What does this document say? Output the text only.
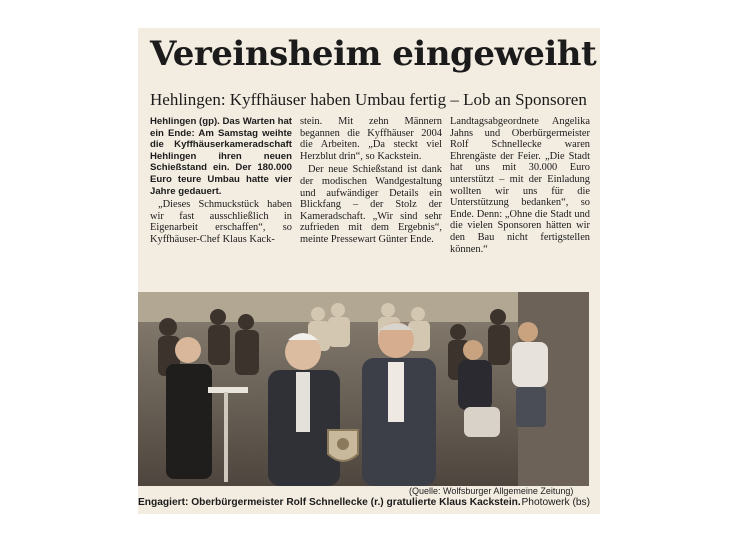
Vereinsheim eingeweiht
Hehlingen: Kyffhäuser haben Umbau fertig – Lob an Sponsoren

Hehlingen (gp). Das Warten hat ein Ende: Am Samstag weihte die Kyffhäuserkameradschaft Hehlingen ihren neuen Schießstand ein. Der 180.000 Euro teure Umbau hatte vier Jahre gedauert.

„Dieses Schmuckstück haben wir fast ausschließlich in Eigenarbeit erschaffen“, so Kyffhäuser-Chef Klaus Kack-

stein. Mit zehn Männern begannen die Kyffhäuser 2004 die Arbeiten. „Da steckt viel Herzblut drin“, so Kackstein.

Der neue Schießstand ist dank der modischen Wandgestaltung und aufwändiger Details ein Blickfang – der Stolz der Kameradschaft. „Wir sind sehr zufrieden mit dem Ergebnis“, meinte Pressewart Günter Ende.

Landtagsabgeordnete Angelika Jahns und Oberbürgermeister Rolf Schnellecke waren Ehrengäste der Feier. „Die Stadt hat uns mit 30.000 Euro unterstützt – mit der Einladung wollten wir uns für die Unterstützung bedanken“, so Ende. Denn: „Ohne die Stadt und die vielen Sponsoren hätten wir den Bau nicht fertigstellen können.“

(Quelle: Wolfsburger Allgemeine Zeitung)
Engagiert: Oberbürgermeister Rolf Schnellecke (r.) gratulierte Klaus Kackstein. Photowerk (bs)
